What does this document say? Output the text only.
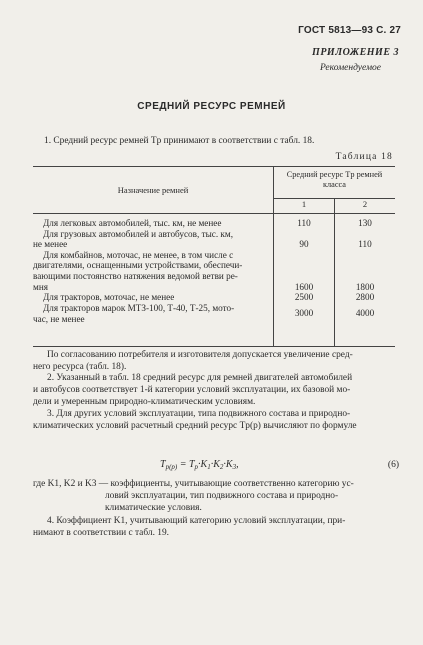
ГОСТ 5813—93 С. 27
ПРИЛОЖЕНИЕ 3
Рекомендуемое
СРЕДНИЙ РЕСУРС РЕМНЕЙ
1. Средний ресурс ремней Tр принимают в соответствии с табл. 18.
Таблица 18
Назначение ремней	Средний ресурс Tр ремней класса	
	1	2
Для легковых автомобилей, тыс. км, не менее	110	130

Для грузовых автомобилей и автобусов, тыс. км,
не менее	90	110

Для комбайнов, моточас, не менее, в том числе с
двигателями, оснащенными устройствами, обеспечи-
вающими постоянство натяжения ведомой ветви ре-
мня	1600	1800

Для тракторов, моточас, не менее	2500	2800

Для тракторов марок МТЗ-100, Т-40, Т-25, мото-
час, не менее	3000	4000
По согласованию потребителя и изготовителя допускается увеличение сред-
него ресурса (табл. 18).
2. Указанный в табл. 18 средний ресурс для ремней двигателей автомобилей
и автобусов соответствует 1-й категории условий эксплуатации, их базовой мо-
дели и умеренным природно-климатическим условиям.
3. Для других условий эксплуатации, типа подвижного состава и природно-
климатических условий расчетный средний ресурс Tр(р) вычисляют по формуле
$T_{р(р)} = T_р\cdot K_1\cdot K_2\cdot K_3$,	(6)
где K1, K2 и K3 — коэффициенты, учитывающие соответственно категорию ус-
ловий эксплуатации, тип подвижного состава и природно-
климатические условия.
4. Коэффициент K1, учитывающий категорию условий эксплуатации, при-
нимают в соответствии с табл. 19.
